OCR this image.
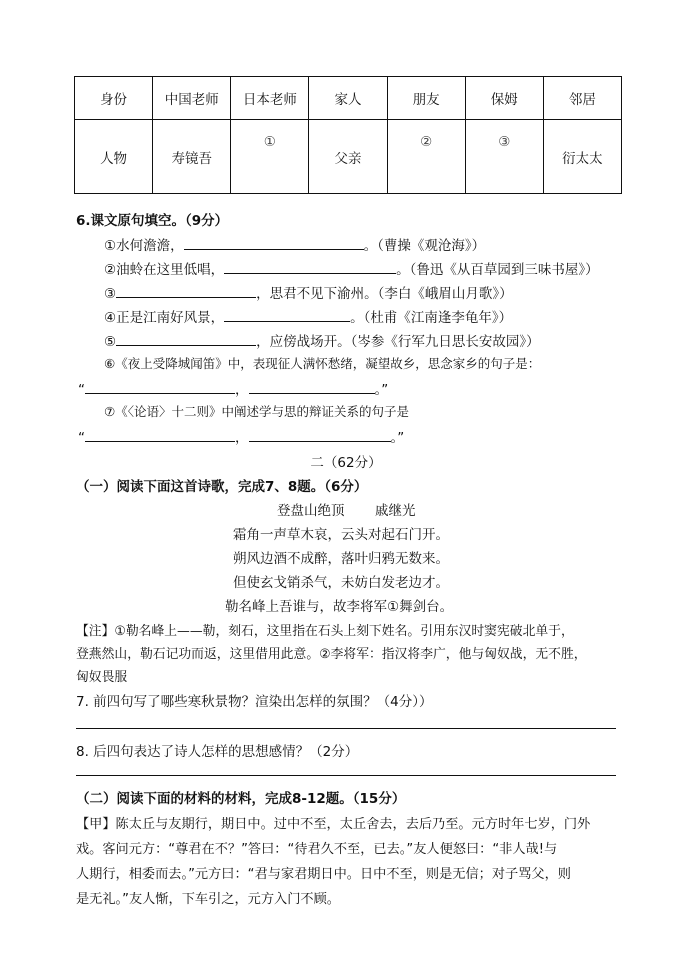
身份	中国老师	日本老师	家人	朋友	保姆	邻居
人物	寿镜吾	①	父亲	②	③	衍太太
6.课文原句填空。（9分）
①水何澹澹，	。（曹操《观沧海》）
②油蛉在这里低唱，	。（鲁迅《从百草园到三味书屋》）
③	，思君不见下渝州。（李白《峨眉山月歌》）
④正是江南好风景，	。（杜甫《江南逢李龟年》）
⑤	，应傍战场开。（岑参《行军九日思长安故园》）
⑥《夜上受降城闻笛》中，表现征人满怀愁绪，凝望故乡，思念家乡的句子是：
“	，	。”
⑦《〈论语〉十二则》中阐述学与思的辩证关系的句子是
“	，	。”
二（62分）
（一）阅读下面这首诗歌，完成7、8题。（6分）
登盘山绝顶 戚继光
霜角一声草木哀，云头对起石门开。
朔风边酒不成醉，落叶归鸦无数来。
但使玄戈销杀气，未妨白发老边才。
勒名峰上吾谁与，故李将军①舞剑台。
【注】①勒名峰上——勒，刻石，这里指在石头上刻下姓名。引用东汉时窦宪破北单于，
登燕然山，勒石记功而返，这里借用此意。②李将军：指汉将李广，他与匈奴战，无不胜，
匈奴畏服
7. 前四句写了哪些寒秋景物？渲染出怎样的氛围？（4分））
8. 后四句表达了诗人怎样的思想感情？（2分）
（二）阅读下面的材料的材料，完成8-12题。（15分）
【甲】陈太丘与友期行，期日中。过中不至，太丘舍去，去后乃至。元方时年七岁，门外
戏。客问元方：“尊君在不？”答曰：“待君久不至，已去。”友人便怒曰：“非人哉!与
人期行，相委而去。”元方曰：“君与家君期日中。日中不至，则是无信；对子骂父，则
是无礼。”友人惭，下车引之，元方入门不顾。
